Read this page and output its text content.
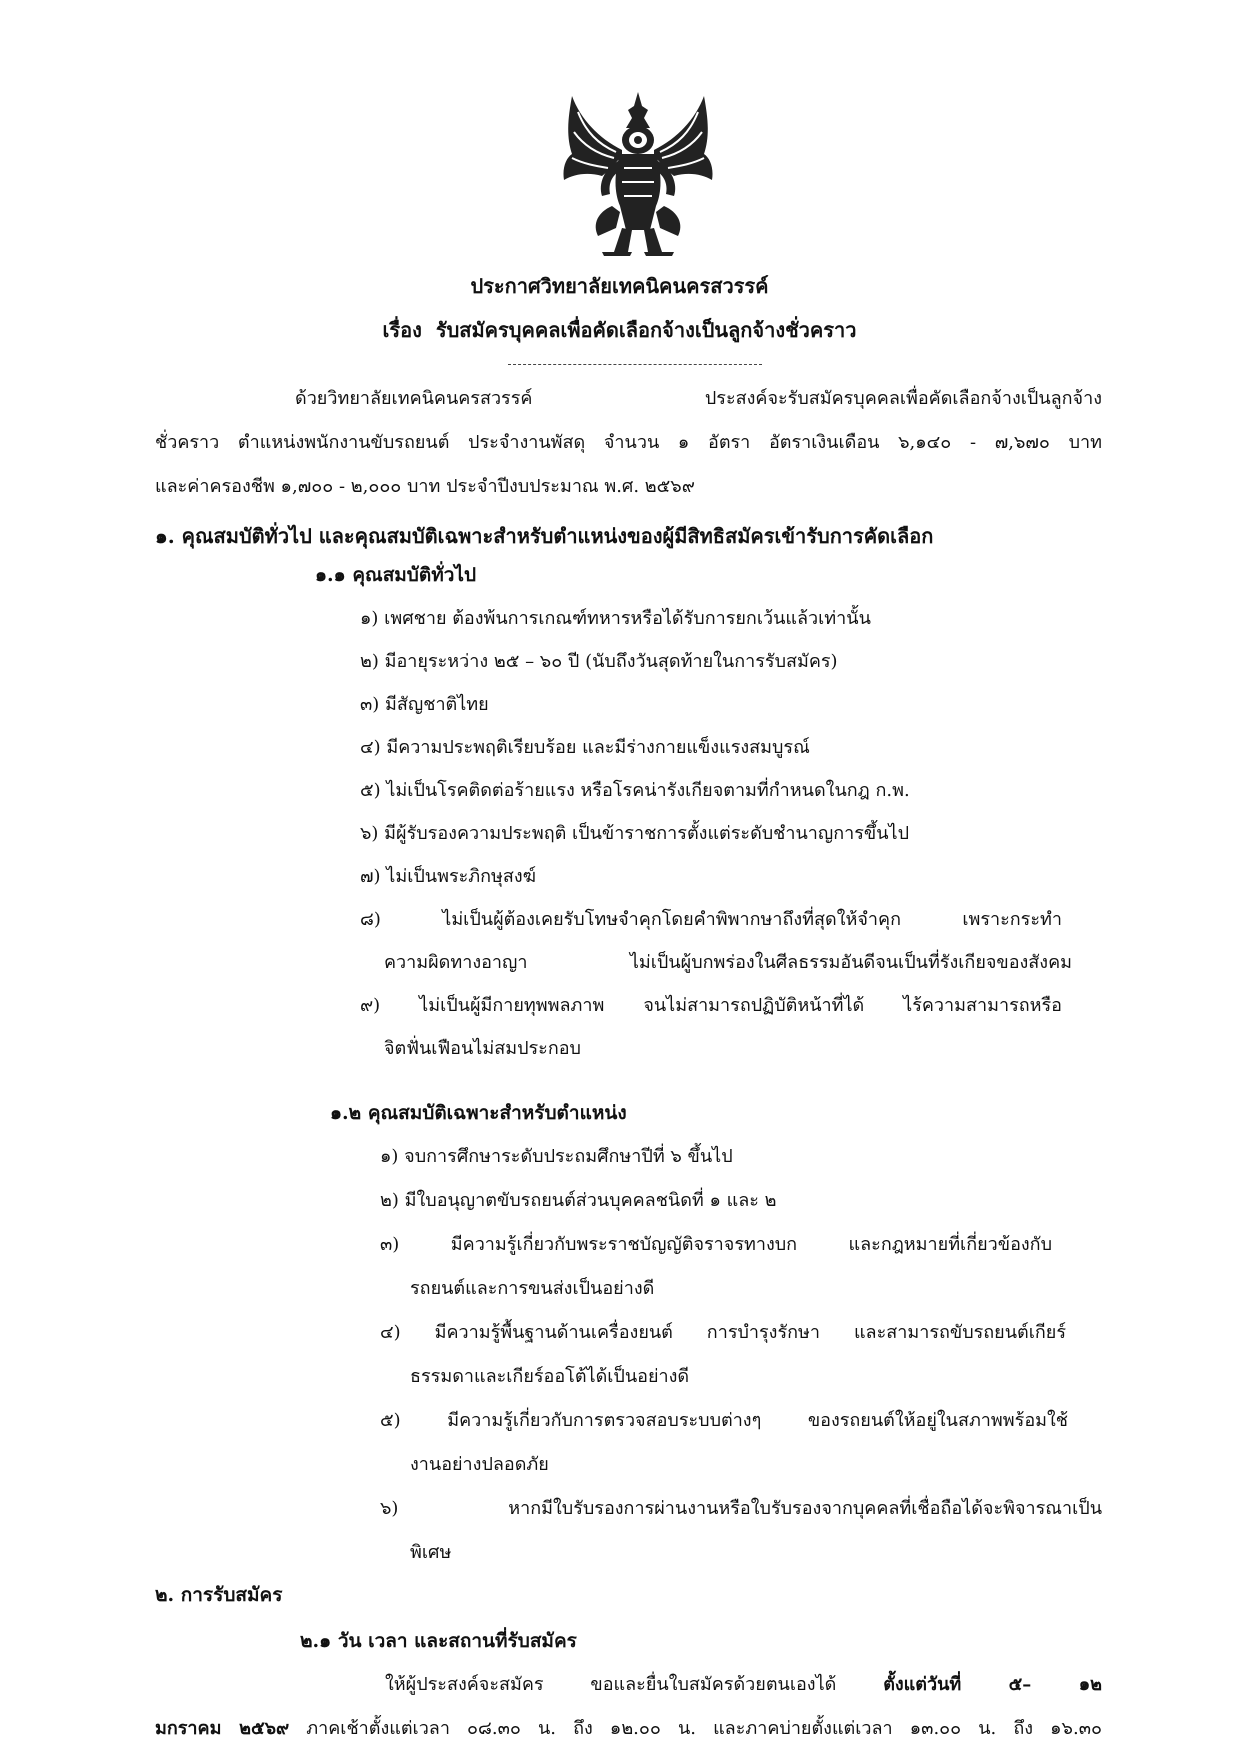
ประกาศวิทยาลัยเทคนิคนครสวรรค์
เรื่อง รับสมัครบุคคลเพื่อคัดเลือกจ้างเป็นลูกจ้างชั่วคราว
ด้วยวิทยาลัยเทคนิคนครสวรรค์ ประสงค์จะรับสมัครบุคคลเพื่อคัดเลือกจ้างเป็นลูกจ้าง
ชั่วคราว ตำแหน่งพนักงานขับรถยนต์ ประจำงานพัสดุ จำนวน ๑ อัตรา อัตราเงินเดือน ๖,๑๔๐ - ๗,๖๗๐ บาท
และค่าครองชีพ ๑,๗๐๐ - ๒,๐๐๐ บาท ประจำปีงบประมาณ พ.ศ. ๒๕๖๙
๑. คุณสมบัติทั่วไป และคุณสมบัติเฉพาะสำหรับตำแหน่งของผู้มีสิทธิสมัครเข้ารับการคัดเลือก
๑.๑ คุณสมบัติทั่วไป
๑) เพศชาย ต้องพ้นการเกณฑ์ทหารหรือได้รับการยกเว้นแล้วเท่านั้น
๒) มีอายุระหว่าง ๒๕ – ๖๐ ปี (นับถึงวันสุดท้ายในการรับสมัคร)
๓) มีสัญชาติไทย
๔) มีความประพฤติเรียบร้อย และมีร่างกายแข็งแรงสมบูรณ์
๕) ไม่เป็นโรคติดต่อร้ายแรง หรือโรคน่ารังเกียจตามที่กำหนดในกฎ ก.พ.
๖) มีผู้รับรองความประพฤติ เป็นข้าราชการตั้งแต่ระดับชำนาญการขึ้นไป
๗) ไม่เป็นพระภิกษุสงฆ์
๘) ไม่เป็นผู้ต้องเคยรับโทษจำคุกโดยคำพิพากษาถึงที่สุดให้จำคุก เพราะกระทำ
ความผิดทางอาญา ไม่เป็นผู้บกพร่องในศีลธรรมอันดีจนเป็นที่รังเกียจของสังคม
๙) ไม่เป็นผู้มีกายทุพพลภาพ จนไม่สามารถปฏิบัติหน้าที่ได้ ไร้ความสามารถหรือ
จิตฟั่นเฟือนไม่สมประกอบ
๑.๒ คุณสมบัติเฉพาะสำหรับตำแหน่ง
๑) จบการศึกษาระดับประถมศึกษาปีที่ ๖ ขึ้นไป
๒) มีใบอนุญาตขับรถยนต์ส่วนบุคคลชนิดที่ ๑ และ ๒
๓) มีความรู้เกี่ยวกับพระราชบัญญัติจราจรทางบก และกฎหมายที่เกี่ยวข้องกับ
รถยนต์และการขนส่งเป็นอย่างดี
๔) มีความรู้พื้นฐานด้านเครื่องยนต์ การบำรุงรักษา และสามารถขับรถยนต์เกียร์
ธรรมดาและเกียร์ออโต้ได้เป็นอย่างดี
๕) มีความรู้เกี่ยวกับการตรวจสอบระบบต่างๆ ของรถยนต์ให้อยู่ในสภาพพร้อมใช้
งานอย่างปลอดภัย
๖) หากมีใบรับรองการผ่านงานหรือใบรับรองจากบุคคลที่เชื่อถือได้จะพิจารณาเป็น
พิเศษ
๒. การรับสมัคร
๒.๑ วัน เวลา และสถานที่รับสมัคร
ให้ผู้ประสงค์จะสมัคร ขอและยื่นใบสมัครด้วยตนเองได้ ตั้งแต่วันที่ ๕– ๑๒
มกราคม ๒๕๖๙ ภาคเช้าตั้งแต่เวลา ๐๘.๓๐ น. ถึง ๑๒.๐๐ น. และภาคบ่ายตั้งแต่เวลา ๑๓.๐๐ น. ถึง ๑๖.๓๐
